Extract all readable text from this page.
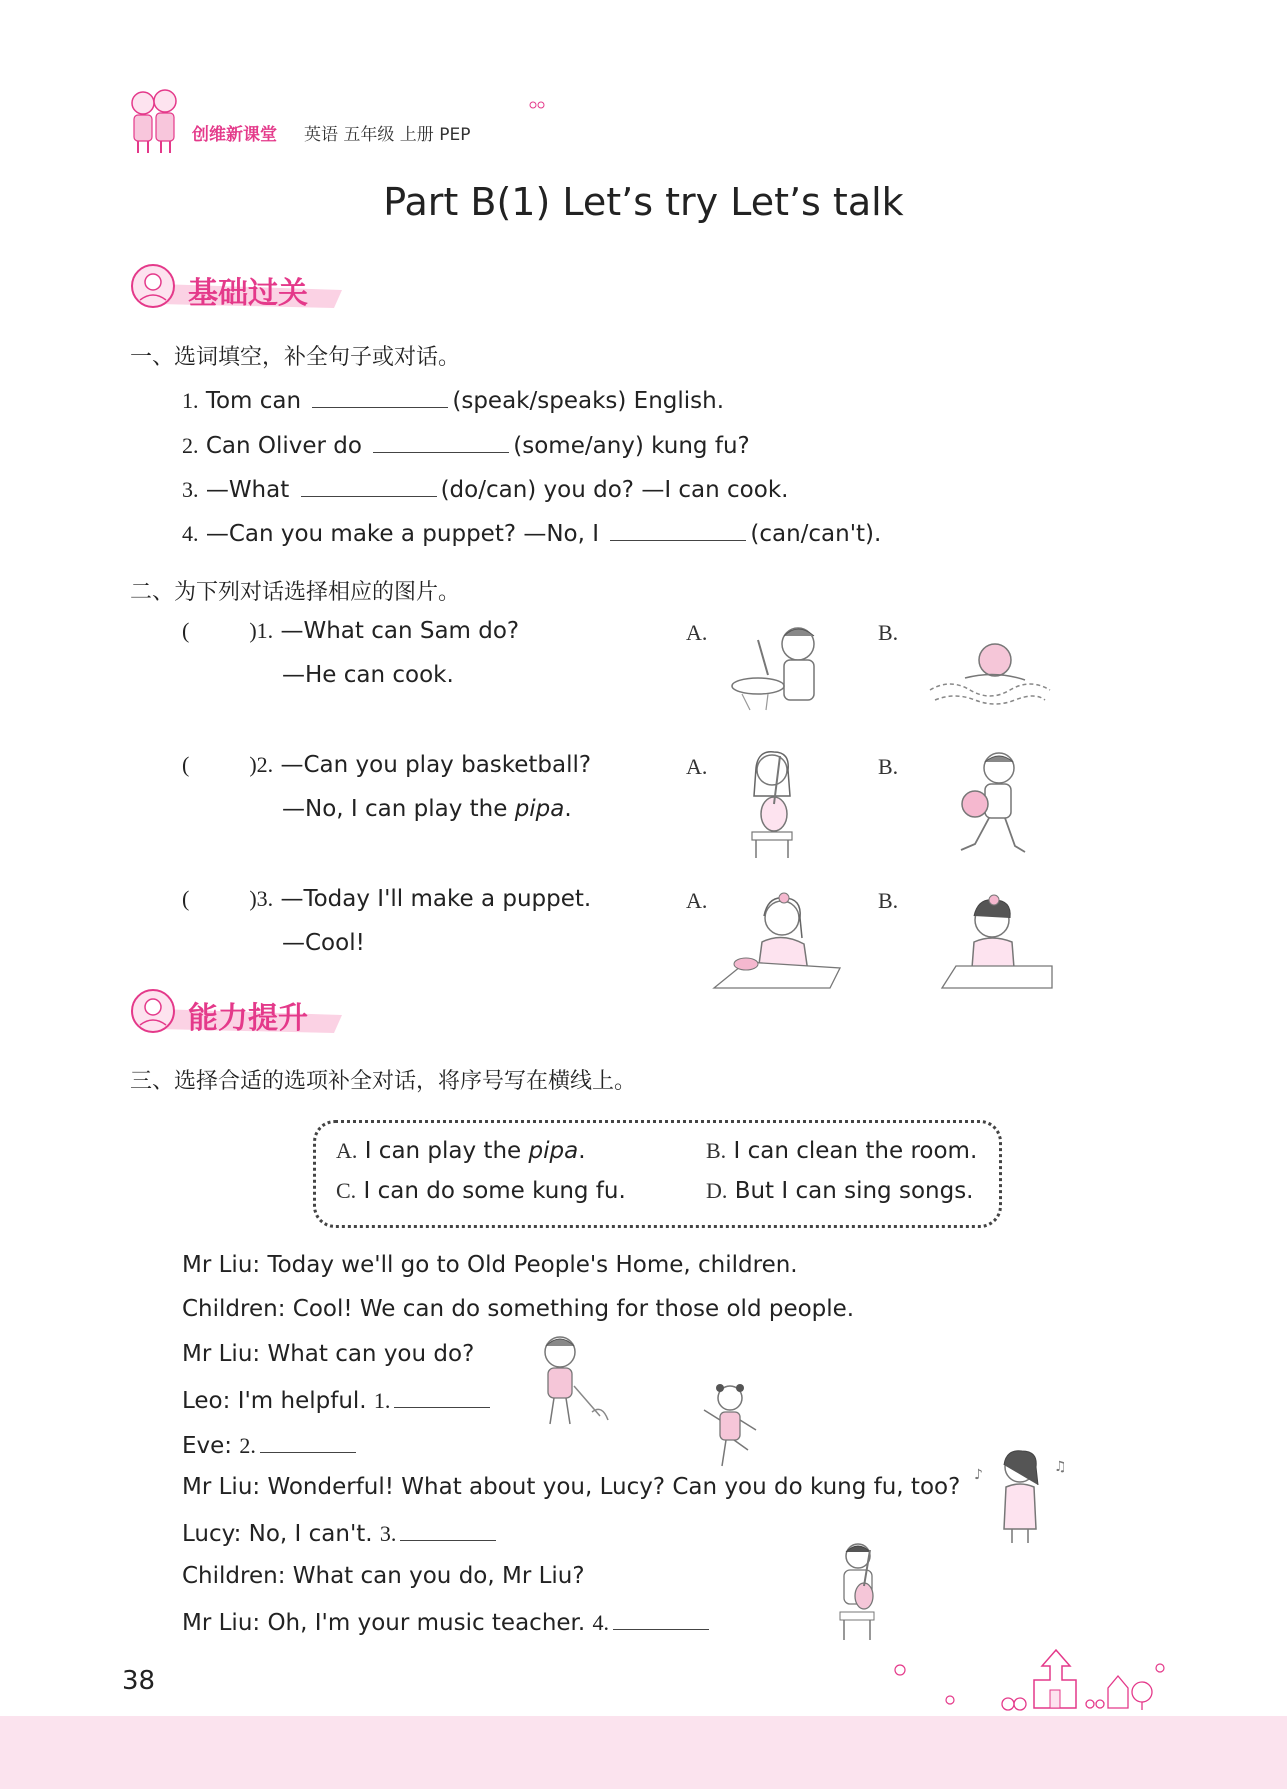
创维新课堂 英语 五年级 上册 PEP
Part B(1) Let’s try Let’s talk
基础过关
一、选词填空，补全句子或对话。
1. Tom can	(speak/speaks) English.
2. Can Oliver do	(some/any) kung fu?
3. —What	(do/can) you do? —I can cook.
4. —Can you make a puppet? —No, I	(can/can't).
二、为下列对话选择相应的图片。
(	)1. —What can Sam do?
—He can cook.
A.	B.
(	)2. —Can you play basketball?
—No, I can play the pipa.
A.	B.
(	)3. —Today I'll make a puppet.
—Cool!
A.	B.
能力提升
三、选择合适的选项补全对话，将序号写在横线上。
A. I can play the pipa.	B. I can clean the room.
C. I can do some kung fu.	D. But I can sing songs.
Mr Liu: Today we'll go to Old People's Home, children.
Children: Cool! We can do something for those old people.
Mr Liu: What can you do?
Leo: I'm helpful. 1.
Eve: 2.
Mr Liu: Wonderful! What about you, Lucy? Can you do kung fu, too?
Lucy: No, I can't. 3.
Children: What can you do, Mr Liu?
Mr Liu: Oh, I'm your music teacher. 4.
♪	♫
38
